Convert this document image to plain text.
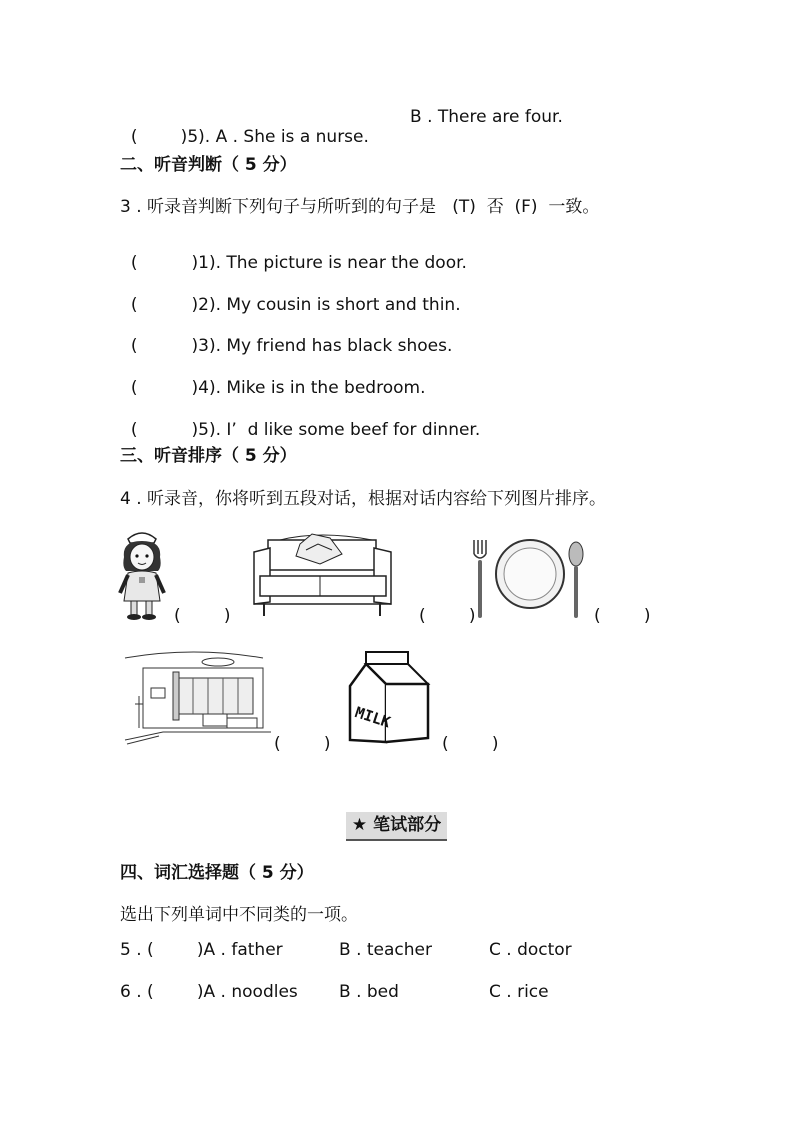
(        )5). A . She is a nurse.

B . There are four.
二、听音判断（ 5 分）
3 . 听录音判断下列句子与所听到的句子是   (T)  否  (F)  一致。

(          )1). The picture is near the door.

(          )2). My cousin is short and thin.

(          )3). My friend has black shoes.

(          )4). Mike is in the bedroom.

(          )5). I’  d like some beef for dinner.

三、听音排序（ 5 分）
4 . 听录音，你将听到五段对话，根据对话内容给下列图片排序。
(        )	(        )	(        )
(        )
MILK
(        )
★ 笔试部分
四、词汇选择题（ 5 分）
选出下列单词中不同类的一项。
5 . (        )A . father	B . teacher	C . doctor
6 . (        )A . noodles B . bed	C . rice
